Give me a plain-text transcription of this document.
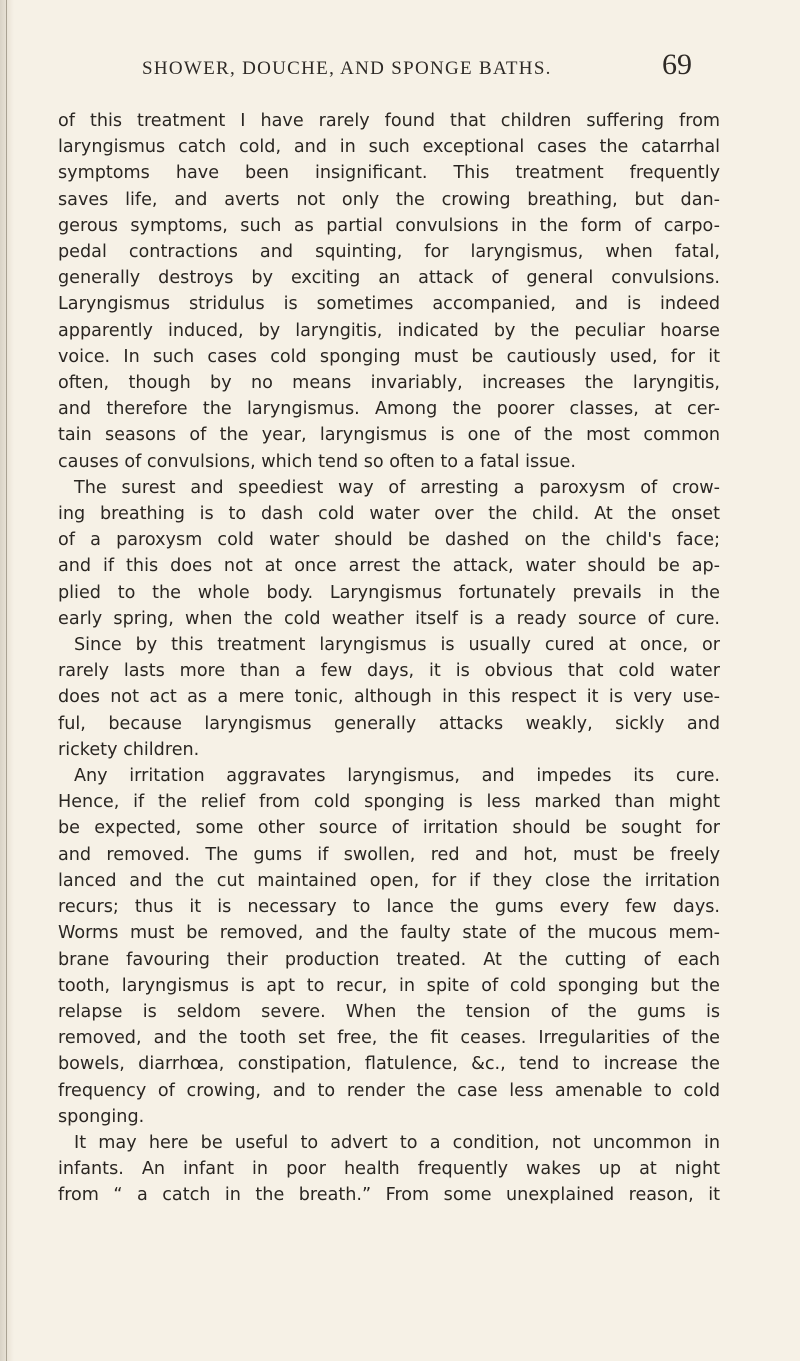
SHOWER, DOUCHE, AND SPONGE BATHS.	69
of this treatment I have rarely found that children suffering from
laryngismus catch cold, and in such exceptional cases the catarrhal
symptoms have been insignificant. This treatment frequently
saves life, and averts not only the crowing breathing, but dan-
gerous symptoms, such as partial convulsions in the form of carpo-
pedal contractions and squinting, for laryngismus, when fatal,
generally destroys by exciting an attack of general convulsions.
Laryngismus stridulus is sometimes accompanied, and is indeed
apparently induced, by laryngitis, indicated by the peculiar hoarse
voice. In such cases cold sponging must be cautiously used, for it
often, though by no means invariably, increases the laryngitis,
and therefore the laryngismus. Among the poorer classes, at cer-
tain seasons of the year, laryngismus is one of the most common
causes of convulsions, which tend so often to a fatal issue.
The surest and speediest way of arresting a paroxysm of crow-
ing breathing is to dash cold water over the child. At the onset
of a paroxysm cold water should be dashed on the child's face;
and if this does not at once arrest the attack, water should be ap-
plied to the whole body. Laryngismus fortunately prevails in the
early spring, when the cold weather itself is a ready source of cure.
Since by this treatment laryngismus is usually cured at once, or
rarely lasts more than a few days, it is obvious that cold water
does not act as a mere tonic, although in this respect it is very use-
ful, because laryngismus generally attacks weakly, sickly and
rickety children.
Any irritation aggravates laryngismus, and impedes its cure.
Hence, if the relief from cold sponging is less marked than might
be expected, some other source of irritation should be sought for
and removed. The gums if swollen, red and hot, must be freely
lanced and the cut maintained open, for if they close the irritation
recurs; thus it is necessary to lance the gums every few days.
Worms must be removed, and the faulty state of the mucous mem-
brane favouring their production treated. At the cutting of each
tooth, laryngismus is apt to recur, in spite of cold sponging but the
relapse is seldom severe. When the tension of the gums is
removed, and the tooth set free, the fit ceases. Irregularities of the
bowels, diarrhœa, constipation, flatulence, &c., tend to increase the
frequency of crowing, and to render the case less amenable to cold
sponging.
It may here be useful to advert to a condition, not uncommon in
infants. An infant in poor health frequently wakes up at night
from “ a catch in the breath.” From some unexplained reason, it
